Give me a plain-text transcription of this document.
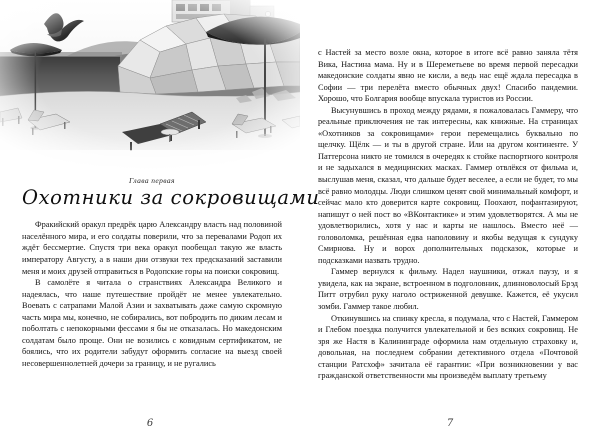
Глава первая

Охотники за сокровищами

Фракийский оракул предрёк царю Александру власть над половиной населённого мира, и его солдаты поверили, что за перевалами Родоп их ждёт бессмертие. Спустя три века оракул пообещал такую же власть императору Августу, а в наши дни отзвуки тех предсказаний заставили меня и моих друзей отправиться в Родопские горы на поиски сокровищ.

В самолёте я читала о странствиях Александра Великого и надеялась, что наше путешествие пройдёт не менее увлекательно. Воевать с сатрапами Малой Азии и захватывать даже самую скромную часть мира мы, конечно, не собирались, вот побродить по диким лесам и поболтать с непокорными фессами я бы не отказалась. Но македонским солдатам было проще. Они не возились с ковидным сертификатом, не боялись, что их родители забудут оформить согласие на выезд своей несовершеннолетней дочери за границу, и не ругались

6

с Настей за место возле окна, которое в итоге всё равно заняла тётя Вика, Настина мама. Ну и в Шереметьеве во время первой пересадки македонские солдаты явно не кисли, а ведь нас ещё ждала пересадка в Софии — три перелёта вместо обычных двух! Спасибо пандемии. Хорошо, что Болгария вообще впускала туристов из России.

Высунувшись в проход между рядами, я пожаловалась Гаммеру, что реальные приключения не так интересны, как книжные. На страницах «Охотников за сокровищами» герои перемещались буквально по щелчку. Щёлк — и ты в другой стране. Или на другом континенте. У Паттерсона никто не томился в очередях к стойке паспортного контроля и не задыхался в медицинских масках. Гаммер отвлёкся от фильма и, выслушав меня, сказал, что дальше будет веселее, а если не будет, то мы всё равно молодцы. Люди слишком ценят свой минимальный комфорт, и сейчас мало кто доверится карте сокровищ. Поохают, пофантазируют, напишут о ней пост во «ВКонтактике» и этим удовлетворятся. А мы не удовлетворились, хотя у нас и карты не нашлось. Вместо неё — головоломка, решённая едва наполовину и якобы ведущая к сундуку Смирнова. Ну и ворох дополнительных подсказок, которые и подсказками назвать трудно.

Гаммер вернулся к фильму. Надел наушники, отжал паузу, и я увидела, как на экране, встроенном в подголовник, длинноволосый Брэд Питт отрубил руку наголо остриженной девушке. Кажется, её укусил зомби. Гаммер такое любил.

Откинувшись на спинку кресла, я подумала, что с Настей, Гаммером и Глебом поездка получится увлекательной и без всяких сокровищ. Не зря же Настя в Калининграде оформила нам отдельную страховку и, довольная, на последнем собрании детективного отдела «Почтовой станции Ратсхоф» зачитала её гарантии: «При возникновении у вас гражданской ответственности мы произведём выплату третьему

7
